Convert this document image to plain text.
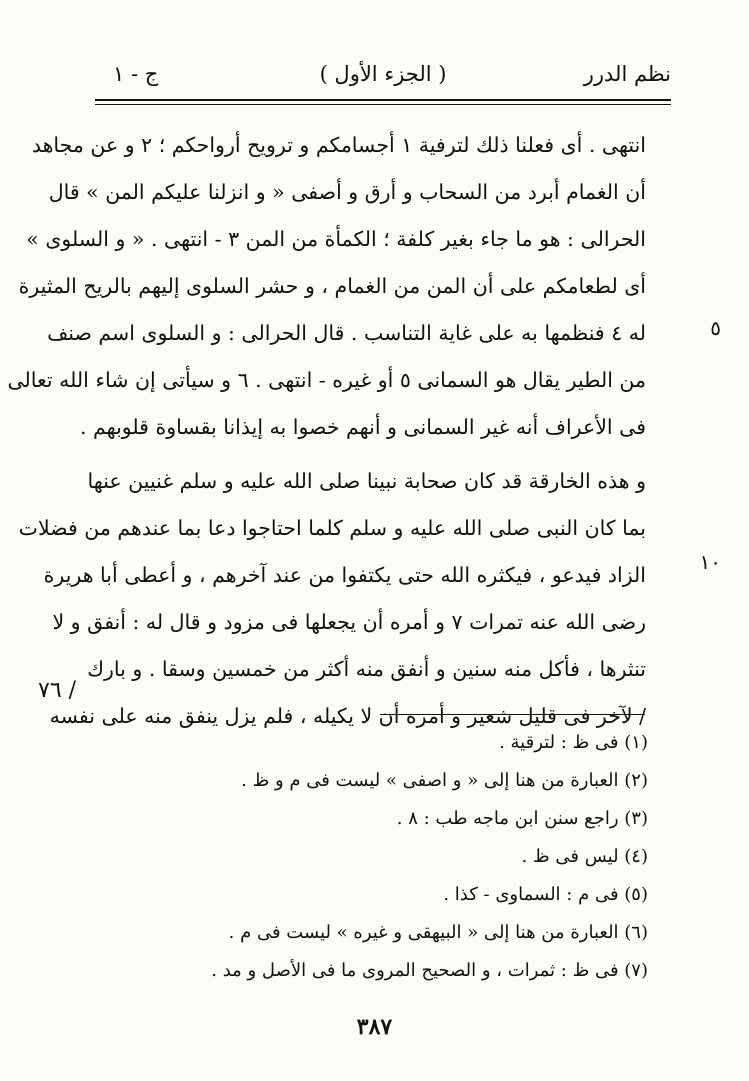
نظم الدرر
( الجزء الأول )
ج - ١
انتهى . أى فعلنا ذلك لترفية ١ أجسامكم و ترويح أرواحكم ؛ ٢ و عن مجاهد
أن الغمام أبرد من السحاب و أرق و أصفى « و انزلنا عليكم المن » قال
الحرالى : هو ما جاء بغير كلفة ؛ الكمأة من المن ٣ - انتهى . « و السلوى »
أى لطعامكم على أن المن من الغمام ، و حشر السلوى إليهم بالريح المثيرة
له ٤ فنظمها به على غاية التناسب . قال الحرالى : و السلوى اسم صنف
من الطير يقال هو السمانى ٥ أو غيره - انتهى . ٦ و سيأتى إن شاء الله تعالى
فى الأعراف أنه غير السمانى و أنهم خصوا به إيذانا بقساوة قلوبهم .
و هذه الخارقة قد كان صحابة نبينا صلى الله عليه و سلم غنيين عنها
بما كان النبى صلى الله عليه و سلم كلما احتاجوا دعا بما عندهم من فضلات
الزاد فيدعو ، فيكثره الله حتى يكتفوا من عند آخرهم ، و أعطى أبا هريرة
رضى الله عنه تمرات ٧ و أمره أن يجعلها فى مزود و قال له : أنفق و لا
تنثرها ، فأكل منه سنين و أنفق منه أكثر من خمسين وسقا . و بارك
/ لآخر فى قليل شعير و أمره أن لا يكيله ، فلم يزل ينفق منه على نفسه
٥
١٠
/ ٧٦
(١) فى ظ : لترقية .
(٢) العبارة من هنا إلى « و اصفى » ليست فى م و ظ .
(٣) راجع سنن ابن ماجه طب : ٨ .
(٤) ليس فى ظ .
(٥) فى م : السماوى - كذا .
(٦) العبارة من هنا إلى « البيهقى و غيره » ليست فى م .
(٧) فى ظ : ثمرات ، و الصحيح المروى ما فى الأصل و مد .
٣٨٧
